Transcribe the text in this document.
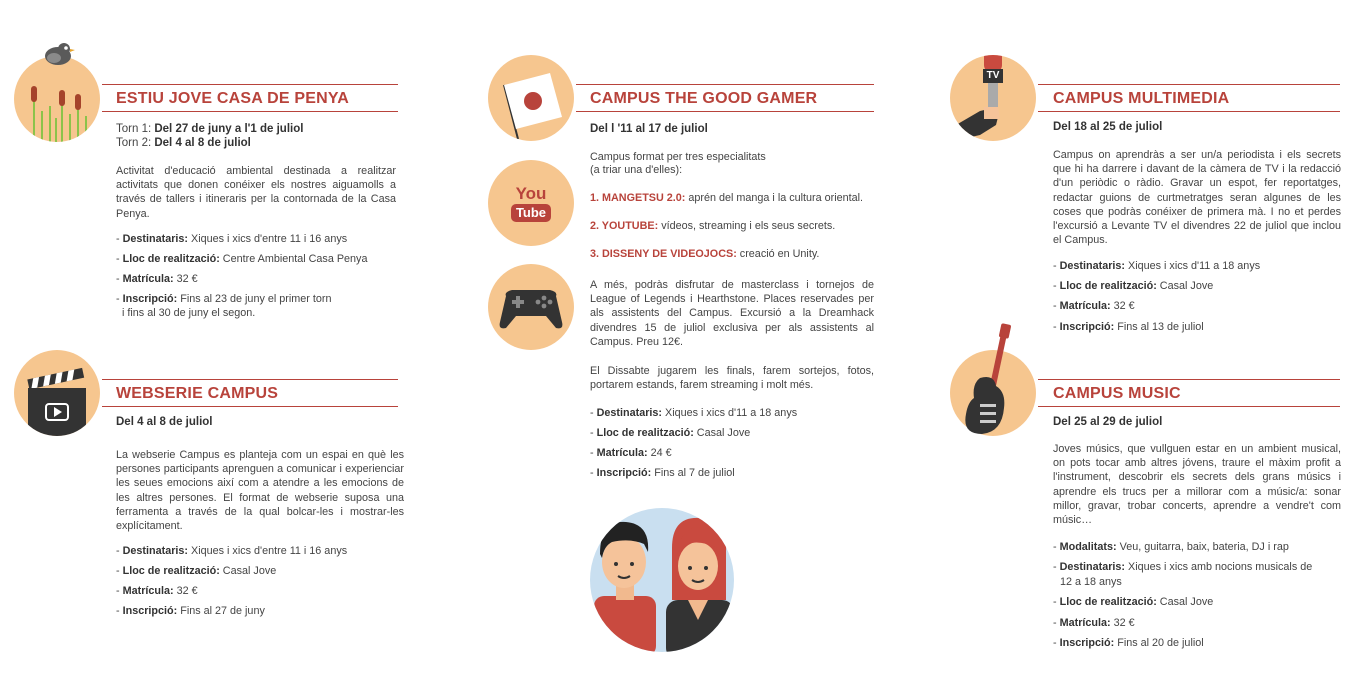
ESTIU JOVE CASA DE PENYA
Torn 1: Del 27 de juny a l'1 de juliol
Torn 2: Del 4 al 8 de juliol
Activitat d'educació ambiental destinada a realitzar activitats que donen conéixer els nostres aiguamolls a través de tallers i itineraris per la contornada de la Casa Penya.
- Destinataris: Xiques i xics d'entre 11 i 16 anys
- Lloc de realització: Centre Ambiental Casa Penya
- Matrícula: 32 €
- Inscripció: Fins al 23 de juny el primer torn
i fins al 30 de juny el segon.
WEBSERIE CAMPUS
Del 4 al 8 de juliol
La webserie Campus es planteja com un espai en què les persones participants aprenguen a comunicar i experienciar les seues emocions així com a atendre a les emocions de les altres persones. El format de webserie suposa una ferramenta a través de la qual bolcar-les i mostrar-les explícitament.
- Destinataris: Xiques i xics d'entre 11 i 16 anys
- Lloc de realització: Casal Jove
- Matrícula: 32 €
- Inscripció: Fins al 27 de juny
CAMPUS THE GOOD GAMER
Del l '11 al 17 de juliol
Campus format per tres especialitats
(a triar una d'elles):
You
Tube
1. MANGETSU 2.0: aprén del manga i la cultura oriental.
2. YOUTUBE: vídeos, streaming i els seus secrets.
3. DISSENY DE VIDEOJOCS: creació en Unity.
A més, podràs disfrutar de masterclass i tornejos de League of Legends i Hearthstone. Places reservades per als assistents del Campus. Excursió a la Dreamhack divendres 15 de juliol exclusiva per als assistents al Campus. Preu 12€.
El Dissabte jugarem les finals, farem sortejos, fotos, portarem estands, farem streaming i molt més.
- Destinataris: Xiques i xics d'11 a 18 anys
- Lloc de realització: Casal Jove
- Matrícula: 24 €
- Inscripció: Fins al 7 de juliol
TV
CAMPUS MULTIMEDIA
Del 18 al 25 de juliol
Campus on aprendràs a ser un/a periodista i els secrets que hi ha darrere i davant de la càmera de TV i la redacció d'un periòdic o ràdio. Gravar un espot, fer reportatges, redactar guions de curtmetratges seran algunes de les coses que podràs conéixer de primera mà. I no et perdes l'excursió a Levante TV el divendres 22 de juliol que inclou el Campus.
- Destinataris: Xiques i xics d'11 a 18 anys
- Lloc de realització: Casal Jove
- Matrícula: 32 €
- Inscripció: Fins al 13 de juliol
CAMPUS MUSIC
Del 25 al 29 de juliol
Joves músics, que vullguen estar en un ambient musical, on pots tocar amb altres jóvens, traure el màxim profit a l'instrument, descobrir els secrets dels grans músics i aprendre els trucs per a millorar com a músic/a: sonar millor, gravar, trobar concerts, aprendre a vendre't com músic…
- Modalitats: Veu, guitarra, baix, bateria, DJ i rap
- Destinataris: Xiques i xics amb nocions musicals de
12 a 18 anys
- Lloc de realització: Casal Jove
- Matrícula: 32 €
- Inscripció: Fins al 20 de juliol
